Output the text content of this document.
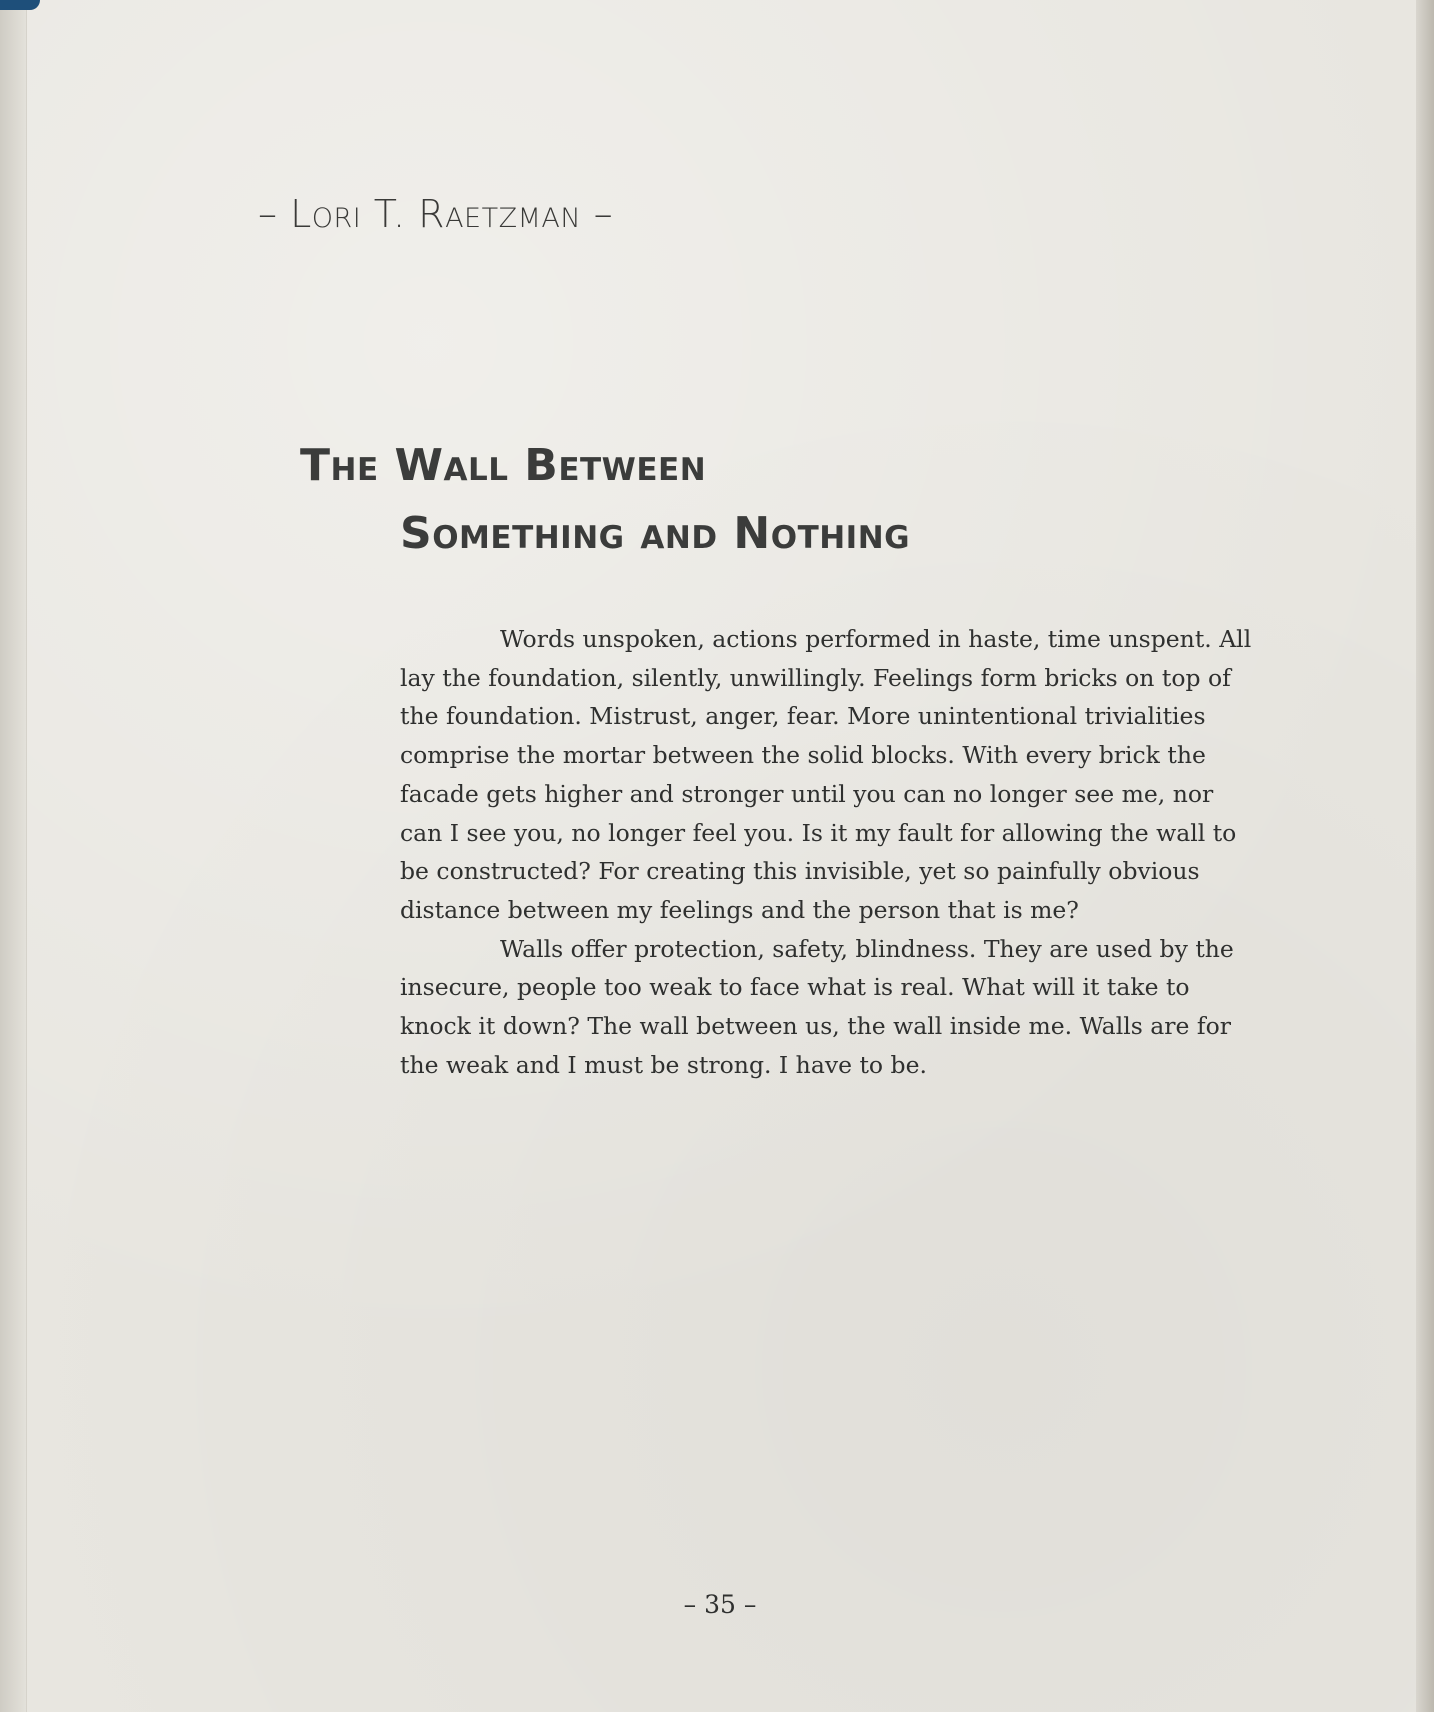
– Lori T. Raetzman –
The Wall Between
Something and Nothing

Words unspoken, actions performed in haste, time unspent. All lay the foundation, silently, unwillingly. Feelings form bricks on top of the foundation. Mistrust, anger, fear. More unintentional trivialities comprise the mortar between the solid blocks. With every brick the facade gets higher and stronger until you can no longer see me, nor can I see you, no longer feel you. Is it my fault for allowing the wall to be constructed? For creating this invisible, yet so painfully obvious distance between my feelings and the person that is me?

Walls offer protection, safety, blindness. They are used by the insecure, people too weak to face what is real. What will it take to knock it down? The wall between us, the wall inside me. Walls are for the weak and I must be strong. I have to be.

– 35 –
